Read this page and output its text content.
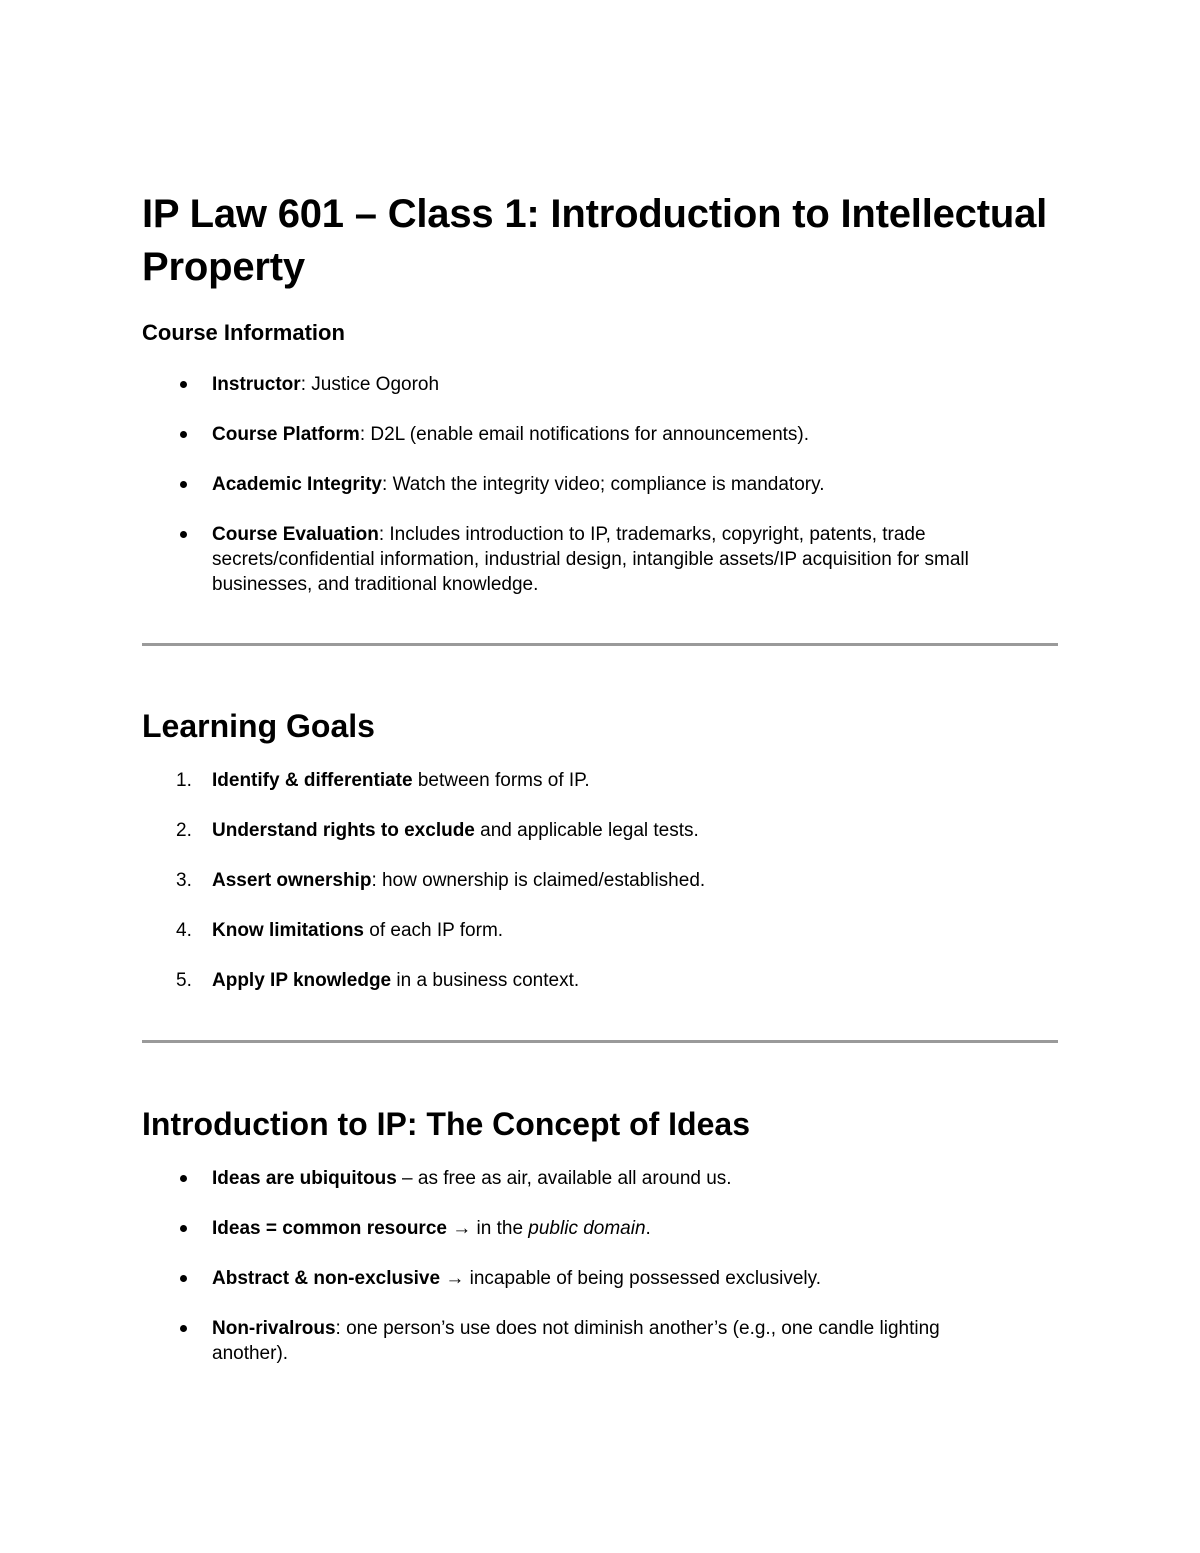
IP Law 601 – Class 1: Introduction to Intellectual Property
Course Information
Instructor: Justice Ogoroh
Course Platform: D2L (enable email notifications for announcements).
Academic Integrity: Watch the integrity video; compliance is mandatory.
Course Evaluation: Includes introduction to IP, trademarks, copyright, patents, trade secrets/confidential information, industrial design, intangible assets/IP acquisition for small businesses, and traditional knowledge.
Learning Goals
1. Identify & differentiate between forms of IP.
2. Understand rights to exclude and applicable legal tests.
3. Assert ownership: how ownership is claimed/established.
4. Know limitations of each IP form.
5. Apply IP knowledge in a business context.
Introduction to IP: The Concept of Ideas
Ideas are ubiquitous – as free as air, available all around us.
Ideas = common resource → in the public domain.
Abstract & non-exclusive → incapable of being possessed exclusively.
Non-rivalrous: one person’s use does not diminish another’s (e.g., one candle lighting another).
